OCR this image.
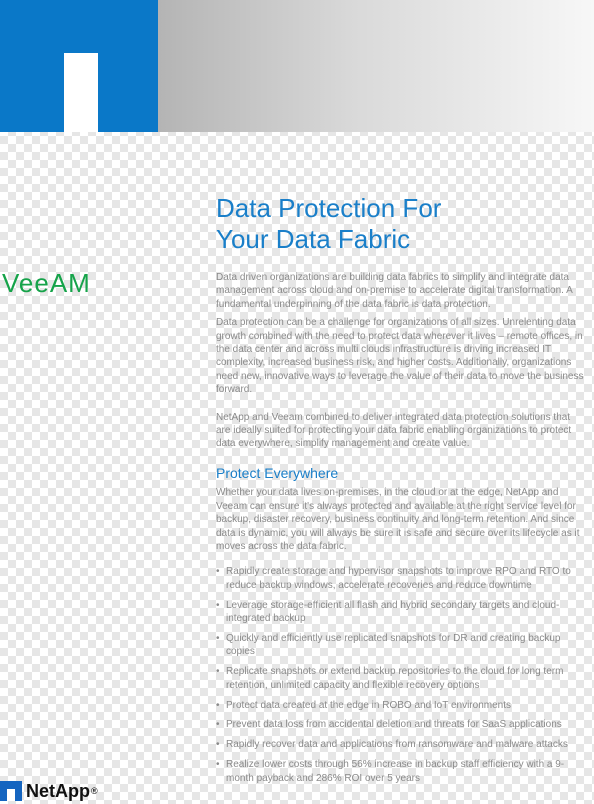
Data Protection For
Your Data Fabric
VeeAM	Data driven organizations are building data fabrics to simplify and integrate data management across cloud and on-premise to accelerate digital transformation. A fundamental underpinning of the data fabric is data protection.

Data protection can be a challenge for organizations of all sizes. Unrelenting data growth combined with the need to protect data wherever it lives – remote offices, in the data center and across multi clouds infrastructure is driving increased IT complexity, increased business risk, and higher costs. Additionally, organizations need new, innovative ways to leverage the value of their data to move the business forward.

NetApp and Veeam combined to deliver integrated data protection solutions that are ideally suited for protecting your data fabric enabling organizations to protect data everywhere, simplify management and create value.

Protect Everywhere

Whether your data lives on-premises, in the cloud or at the edge, NetApp and Veeam can ensure it's always protected and available at the right service level for backup, disaster recovery, business continuity and long-term retention. And since data is dynamic, you will always be sure it is safe and secure over its lifecycle as it moves across the data fabric.

• Rapidly create storage and hypervisor snapshots to improve RPO and RTO to reduce backup windows, accelerate recoveries and reduce downtime
• Leverage storage-efficient all flash and hybrid secondary targets and cloud-integrated backup
• Quickly and efficiently use replicated snapshots for DR and creating backup copies
• Replicate snapshots or extend backup repositories to the cloud for long term retention, unlimited capacity and flexible recovery options
• Protect data created at the edge in ROBO and IoT environments
• Prevent data loss from accidental deletion and threats for SaaS applications
• Rapidly recover data and applications from ransomware and malware attacks
• Realize lower costs through 56% increase in backup staff efficiency with a 9-month payback and 286% ROI over 5 years
NetApp ®
